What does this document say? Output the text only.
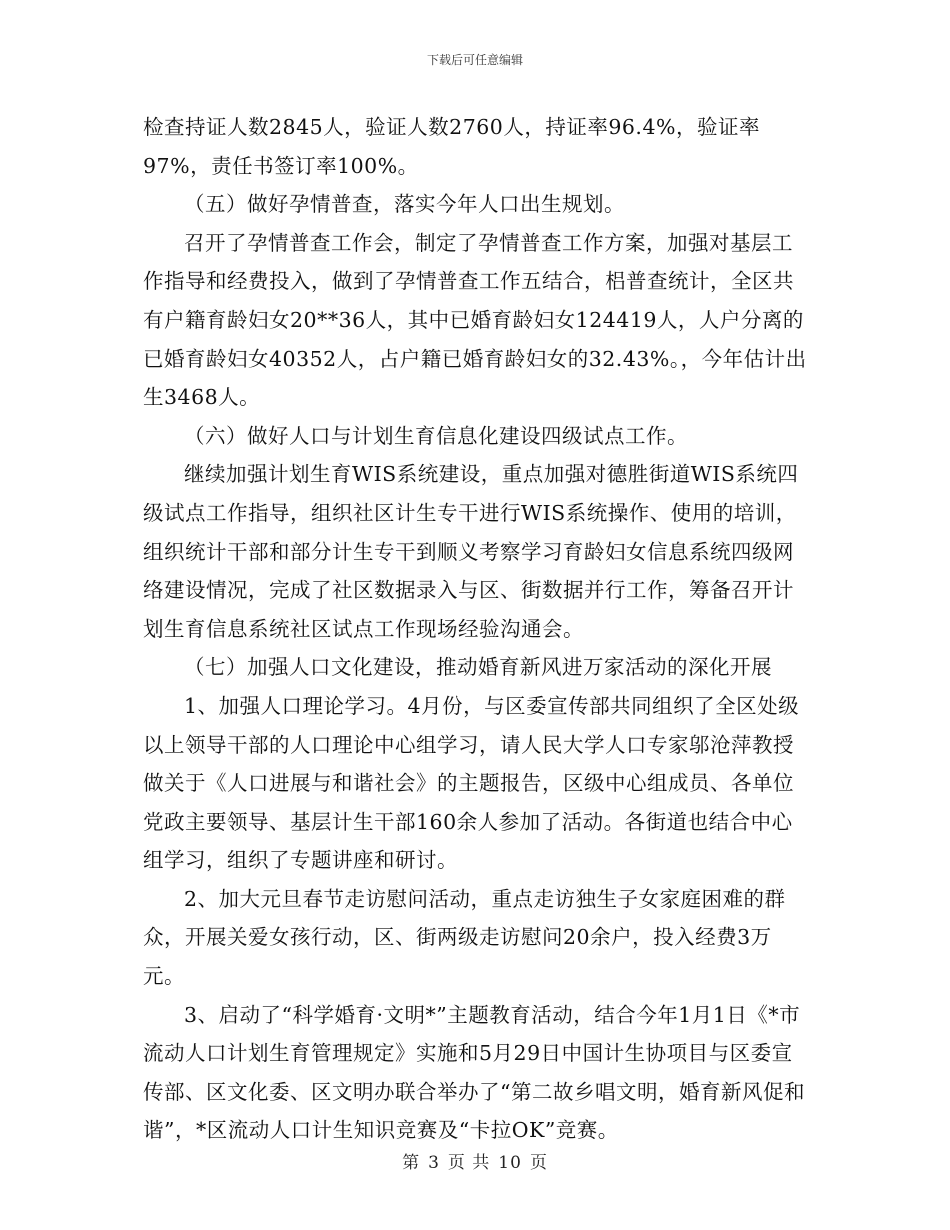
下载后可任意编辑

检查持证人数2845人，验证人数2760人，持证率96.4%，验证率97%，责任书签订率100%。

（五）做好孕情普查，落实今年人口出生规划。

召开了孕情普查工作会，制定了孕情普查工作方案，加强对基层工作指导和经费投入，做到了孕情普查工作五结合，梠普查统计，全区共有户籍育龄妇女20**36人，其中已婚育龄妇女124419人，人户分离的已婚育龄妇女40352人，占户籍已婚育龄妇女的32.43%。，今年估计出生3468人。

（六）做好人口与计划生育信息化建设四级试点工作。

继续加强计划生育WIS系统建设，重点加强对德胜街道WIS系统四级试点工作指导，组织社区计生专干进行WIS系统操作、使用的培训，组织统计干部和部分计生专干到顺义考察学习育龄妇女信息系统四级网络建设情况，完成了社区数据录入与区、街数据并行工作，筹备召开计划生育信息系统社区试点工作现场经验沟通会。

（七）加强人口文化建设，推动婚育新风进万家活动的深化开展

1、加强人口理论学习。4月份，与区委宣传部共同组织了全区处级以上领导干部的人口理论中心组学习，请人民大学人口专家邬沧萍教授做关于《人口进展与和谐社会》的主题报告，区级中心组成员、各单位党政主要领导、基层计生干部160余人参加了活动。各街道也结合中心组学习，组织了专题讲座和研讨。

2、加大元旦春节走访慰问活动，重点走访独生子女家庭困难的群众，开展关爱女孩行动，区、街两级走访慰问20余户，投入经费3万元。

3、启动了“科学婚育·文明*”主题教育活动，结合今年1月1日《*市流动人口计划生育管理规定》实施和5月29日中国计生协项目与区委宣传部、区文化委、区文明办联合举办了“第二故乡唱文明，婚育新风促和谐”，*区流动人口计生知识竞赛及“卡拉OK”竞赛。

第 3 页 共 10 页
